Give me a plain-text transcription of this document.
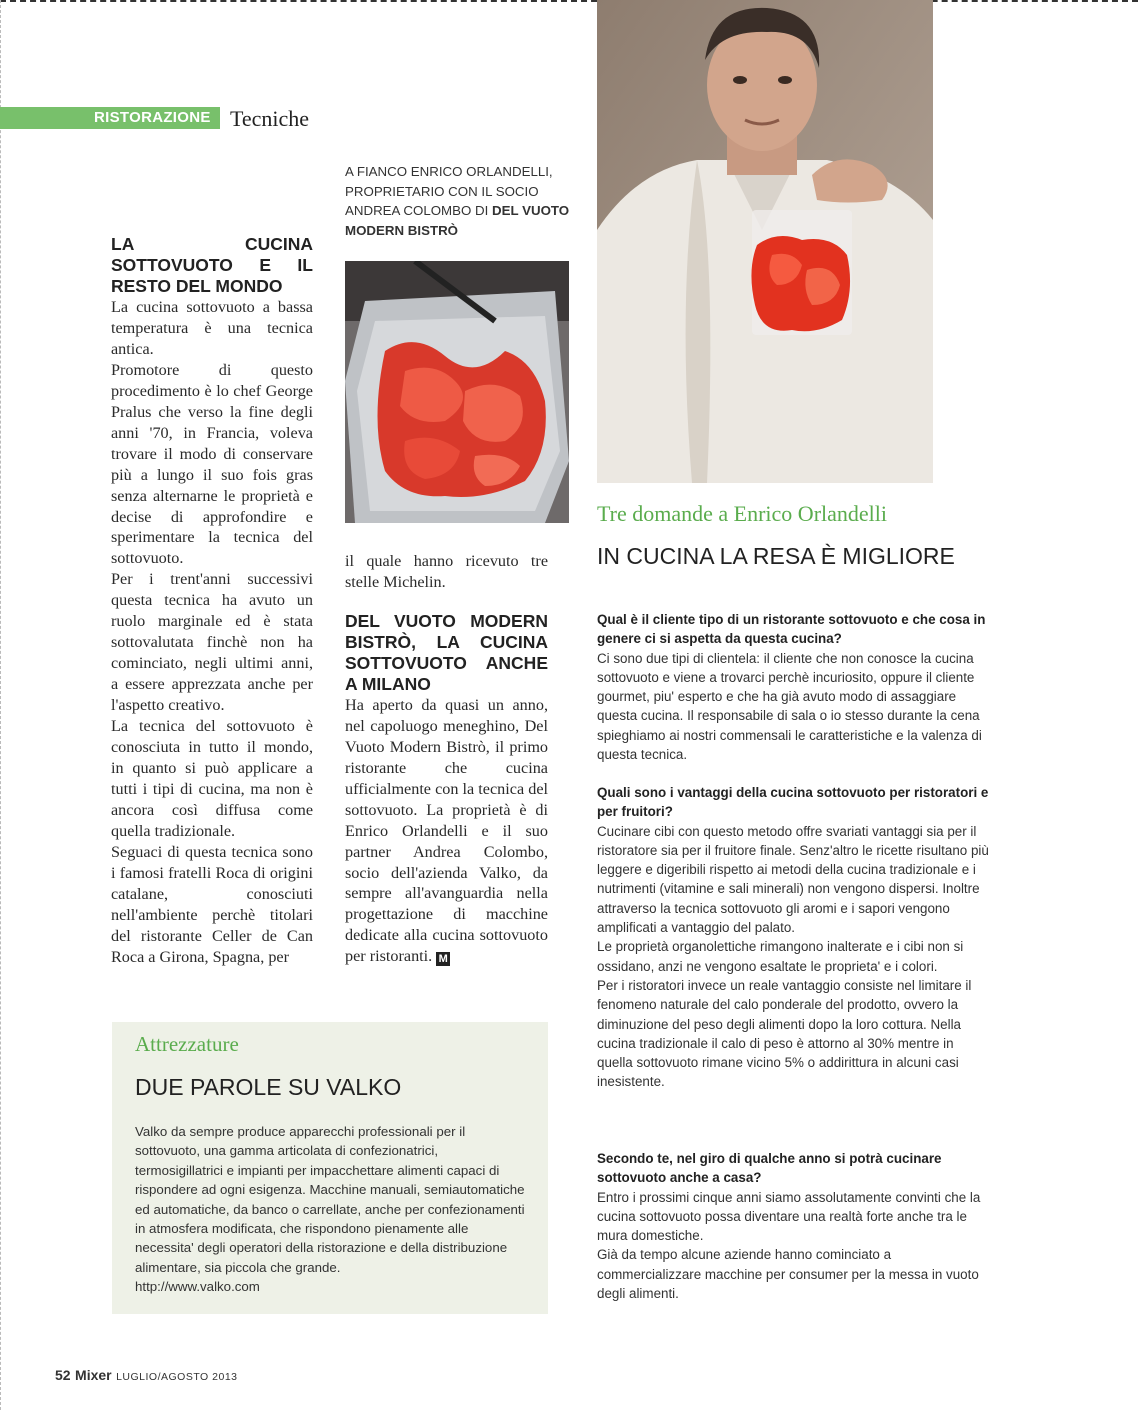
RISTORAZIONE Tecniche
LA CUCINA SOTTOVUOTO E IL RESTO DEL MONDO

La cucina sottovuoto a bassa temperatura è una tecnica antica.

Promotore di questo procedimento è lo chef George Pralus che verso la fine degli anni '70, in Francia, voleva trovare il modo di conservare più a lungo il suo fois gras senza alternarne le proprietà e decise di approfondire e sperimentare la tecnica del sottovuoto.

Per i trent'anni successivi questa tecnica ha avuto un ruolo marginale ed è stata sottovalutata finchè non ha cominciato, negli ultimi anni, a essere apprezzata anche per l'aspetto creativo.

La tecnica del sottovuoto è conosciuta in tutto il mondo, in quanto si può applicare a tutti i tipi di cucina, ma non è ancora così diffusa come quella tradizionale.

Seguaci di questa tecnica sono i famosi fratelli Roca di origini catalane, conosciuti nell'ambiente perchè titolari del ristorante Celler de Can Roca a Girona, Spagna, per

A FIANCO ENRICO ORLANDELLI, PROPRIETARIO CON IL SOCIO ANDREA COLOMBO DI DEL VUOTO MODERN BISTRÒ

il quale hanno ricevuto tre stelle Michelin.

DEL VUOTO MODERN BISTRÒ, LA CUCINA SOTTOVUOTO ANCHE A MILANO

Ha aperto da quasi un anno, nel capoluogo meneghino, Del Vuoto Modern Bistrò, il primo ristorante che cucina ufficialmente con la tecnica del sottovuoto. La proprietà è di Enrico Orlandelli e il suo partner Andrea Colombo, socio dell'azienda Valko, da sempre all'avanguardia nella progettazione di macchine dedicate alla cucina sottovuoto per ristoranti. M

Tre domande a Enrico Orlandelli
IN CUCINA LA RESA È MIGLIORE

Qual è il cliente tipo di un ristorante sottovuoto e che cosa in genere ci si aspetta da questa cucina?

Ci sono due tipi di clientela: il cliente che non conosce la cucina sottovuoto e viene a trovarci perchè incuriosito, oppure il cliente gourmet, piu' esperto e che ha già avuto modo di assaggiare questa cucina. Il responsabile di sala o io stesso durante la cena spieghiamo ai nostri commensali le caratteristiche e la valenza di questa tecnica.

Quali sono i vantaggi della cucina sottovuoto per ristoratori e per fruitori?

Cucinare cibi con questo metodo offre svariati vantaggi sia per il ristoratore sia per il fruitore finale. Senz'altro le ricette risultano più leggere e digeribili rispetto ai metodi della cucina tradizionale e i nutrimenti (vitamine e sali minerali) non vengono dispersi. Inoltre attraverso la tecnica sottovuoto gli aromi e i sapori vengono amplificati a vantaggio del palato.

Le proprietà organolettiche rimangono inalterate e i cibi non si ossidano, anzi ne vengono esaltate le proprieta' e i colori.

Per i ristoratori invece un reale vantaggio consiste nel limitare il fenomeno naturale del calo ponderale del prodotto, ovvero la diminuzione del peso degli alimenti dopo la loro cottura. Nella cucina tradizionale il calo di peso è attorno al 30% mentre in quella sottovuoto rimane vicino 5% o addirittura in alcuni casi inesistente.

Secondo te, nel giro di qualche anno si potrà cucinare sottovuoto anche a casa?

Entro i prossimi cinque anni siamo assolutamente convinti che la cucina sottovuoto possa diventare una realtà forte anche tra le mura domestiche.

Già da tempo alcune aziende hanno cominciato a commercializzare macchine per consumer per la messa in vuoto degli alimenti.

Attrezzature
DUE PAROLE SU VALKO
Valko da sempre produce apparecchi professionali per il sottovuoto, una gamma articolata di confezionatrici, termosigillatrici e impianti per impacchettare alimenti capaci di rispondere ad ogni esigenza. Macchine manuali, semiautomatiche ed automatiche, da banco o carrellate, anche per confezionamenti in atmosfera modificata, che rispondono pienamente alle necessita' degli operatori della ristorazione e della distribuzione alimentare, sia piccola che grande.
http://www.valko.com
52 Mixer LUGLIO/AGOSTO 2013
